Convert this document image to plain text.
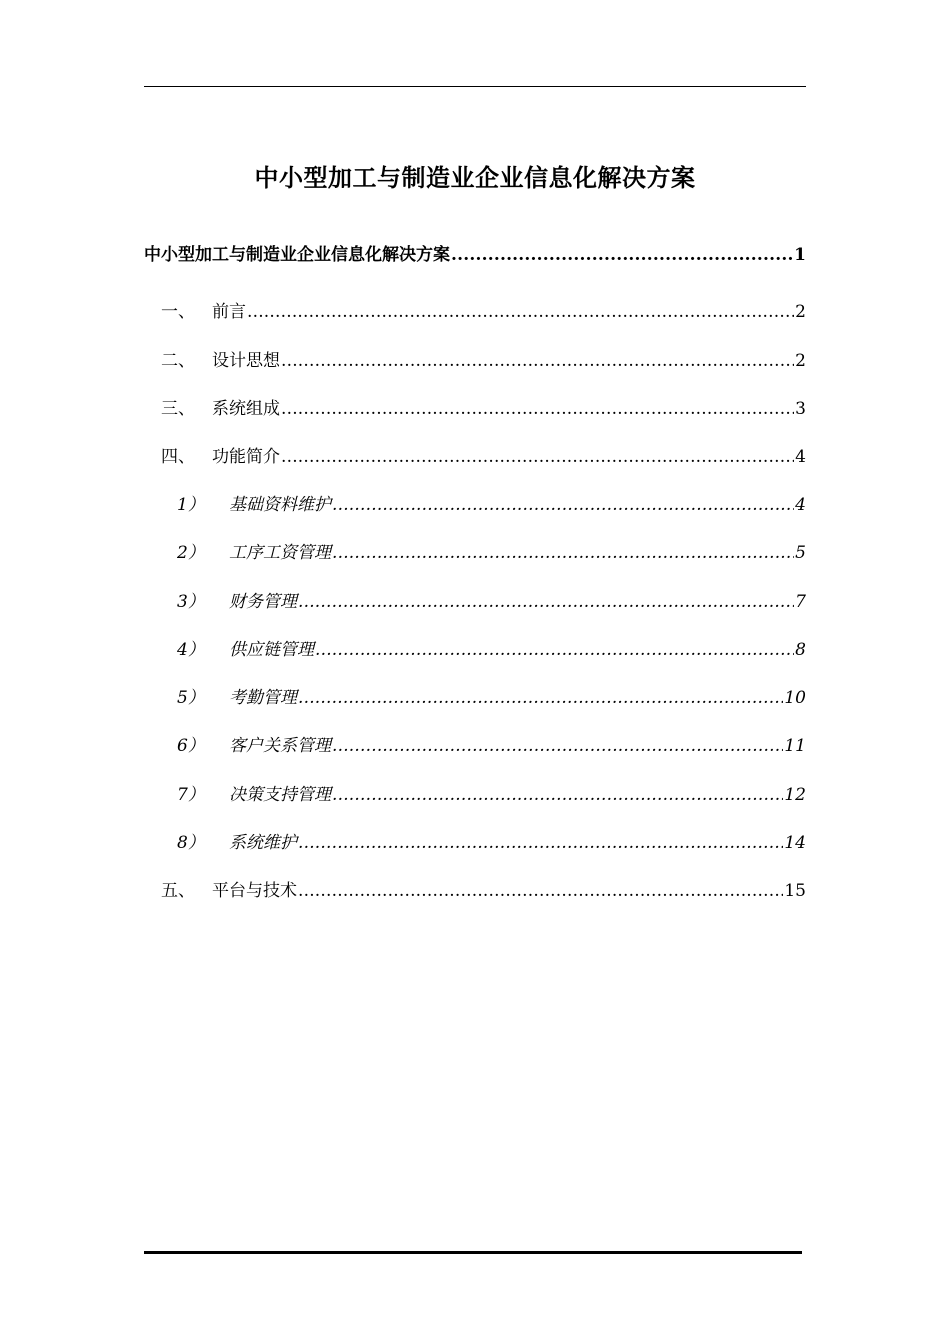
中小型加工与制造业企业信息化解决方案
中小型加工与制造业企业信息化解决方案 .....	1
一、	前言 .....	2
二、	设计思想 .....	2
三、	系统组成 .....	3
四、	功能简介 .....	4
1）	基础资料维护 .....	4
2）	工序工资管理 .....	5
3）	财务管理 .....	7
4）	供应链管理 .....	8
5）	考勤管理 .....	10
6）	客户关系管理 .....	11
7）	决策支持管理 .....	12
8）	系统维护 .....	14
五、	平台与技术 .....	15
